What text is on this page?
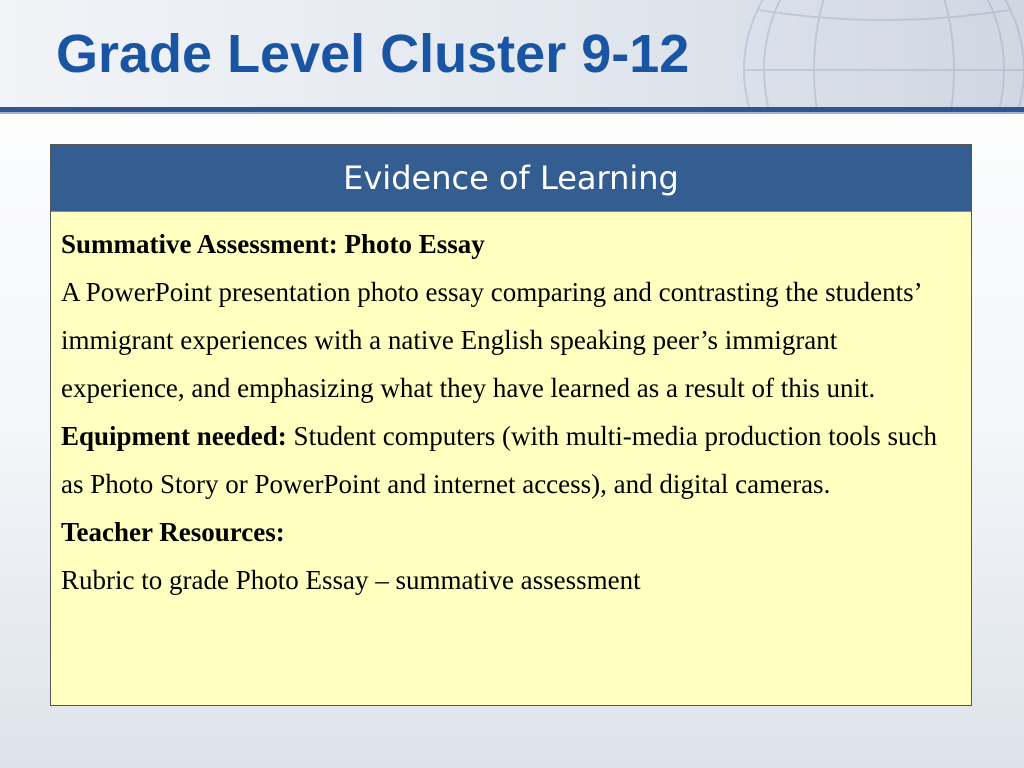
Grade Level Cluster 9-12
Evidence of Learning

Summative Assessment: Photo Essay

A PowerPoint presentation photo essay comparing and contrasting the students’ immigrant experiences with a native English speaking peer’s immigrant experience, and emphasizing what they have learned as a result of this unit.

Equipment needed: Student computers (with multi-media production tools such as Photo Story or PowerPoint and internet access), and digital cameras.

Teacher Resources:

Rubric to grade Photo Essay – summative assessment
